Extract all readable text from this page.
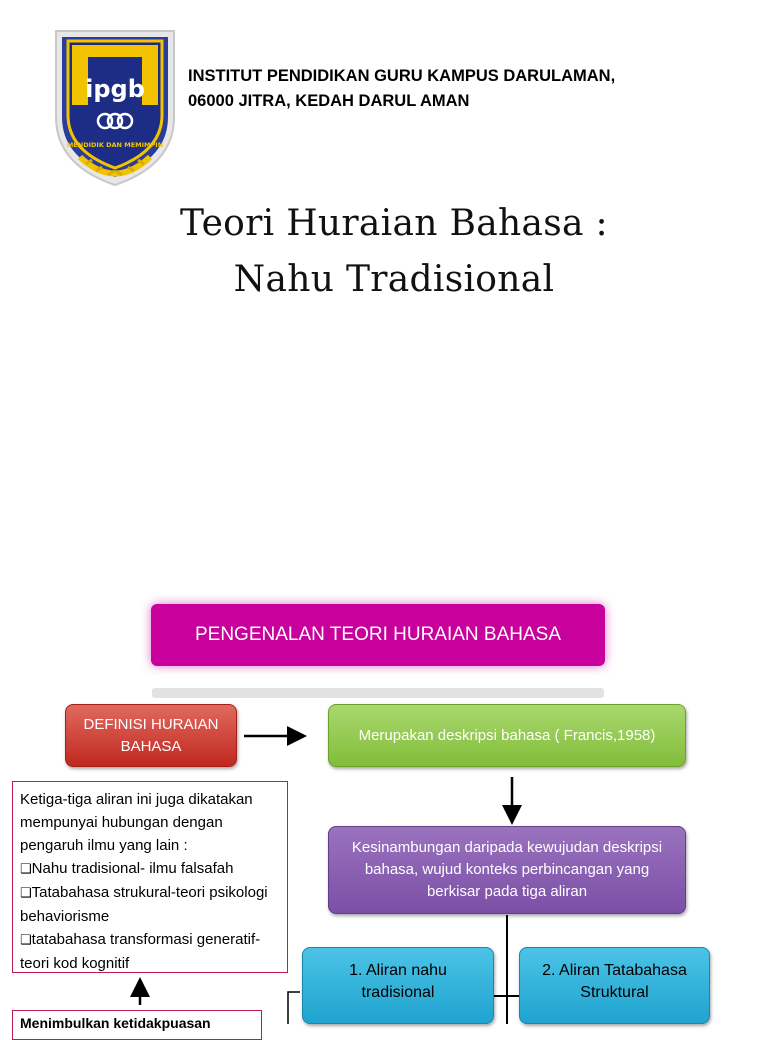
ipgb
MENDIDIK DAN MEMIMPIN
INSTITUT PENDIDIKAN GURU KAMPUS DARULAMAN,
06000 JITRA, KEDAH DARUL AMAN
Teori Huraian Bahasa :
Nahu Tradisional
PENGENALAN TEORI HURAIAN BAHASA
DEFINISI HURAIAN BAHASA
Merupakan deskripsi bahasa ( Francis,1958)
Kesinambungan daripada kewujudan deskripsi bahasa, wujud konteks perbincangan yang berkisar pada tiga aliran
1. Aliran nahu tradisional
2. Aliran Tatabahasa Struktural
Ketiga-tiga aliran ini juga dikatakan mempunyai hubungan dengan pengaruh ilmu yang lain :
❑Nahu tradisional- ilmu falsafah
❑Tatabahasa strukural-teori psikologi behaviorisme
❑tatabahasa transformasi generatif-teori kod kognitif
Menimbulkan ketidakpuasan
